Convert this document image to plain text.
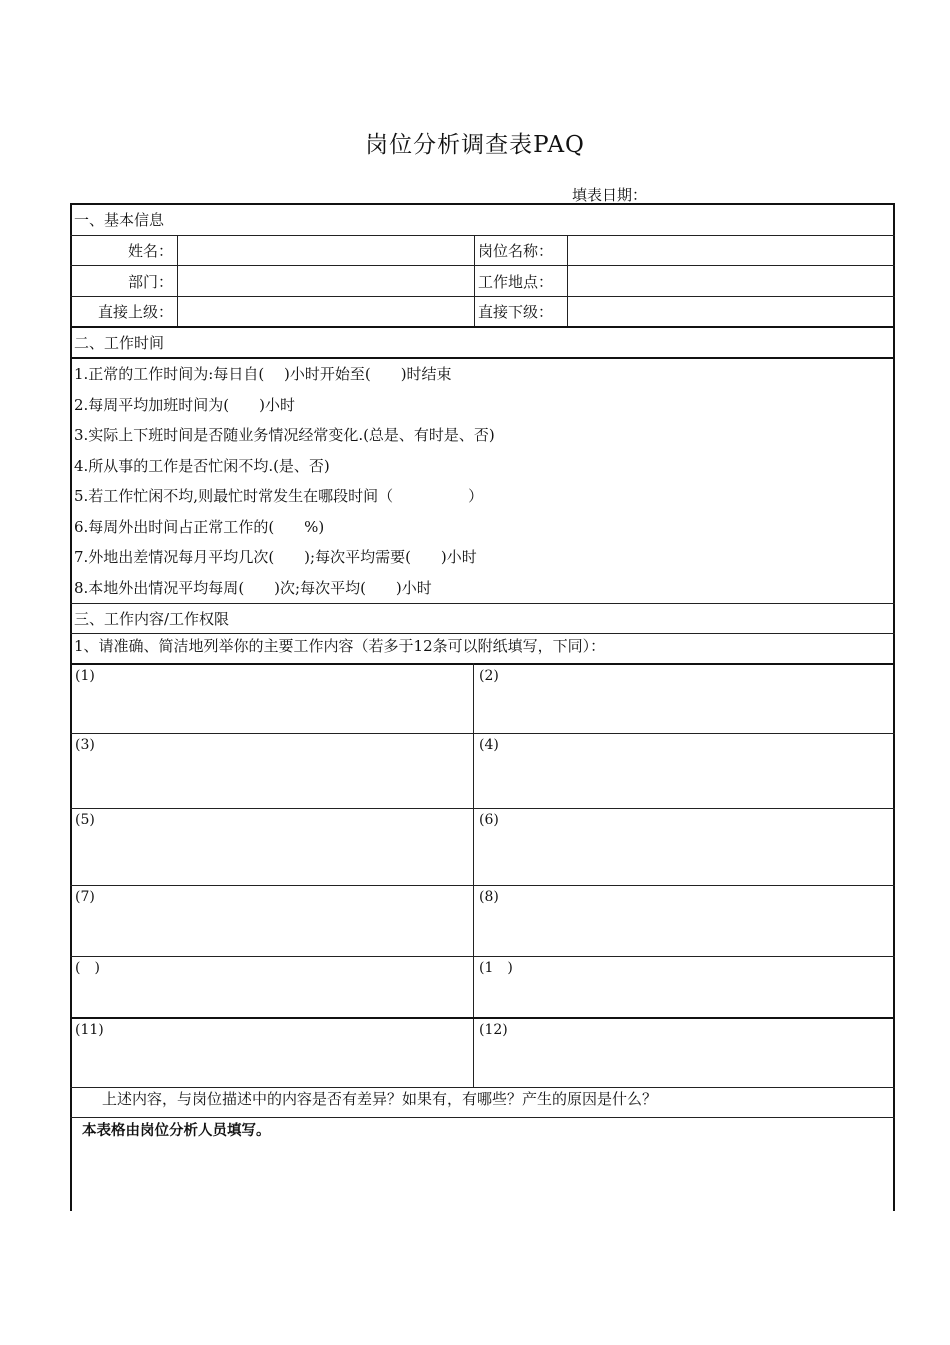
岗位分析调查表PAQ
填表日期：
一、基本信息
姓名：	岗位名称：
部门：	工作地点：
直接上级：	直接下级：
二、工作时间
1.正常的工作时间为:每日自(　 )小时开始至(　　)时结束
2.每周平均加班时间为(　　)小时
3.实际上下班时间是否随业务情况经常变化.(总是、有时是、否)
4.所从事的工作是否忙闲不均.(是、否)
5.若工作忙闲不均,则最忙时常发生在哪段时间（　　　　　）
6.每周外出时间占正常工作的(　　%)
7.外地出差情况每月平均几次(　　);每次平均需要(　　)小时
8.本地外出情况平均每周(　　)次;每次平均(　　)小时
三、工作内容/工作权限
1、请准确、简洁地列举你的主要工作内容（若多于12条可以附纸填写，下同）：
(1)	(2)
(3)	(4)
(5)	(6)
(7)	(8)
(　)	(1　)
(11)	(12)
上述内容，与岗位描述中的内容是否有差异？如果有，有哪些？产生的原因是什么？
本表格由岗位分析人员填写。
